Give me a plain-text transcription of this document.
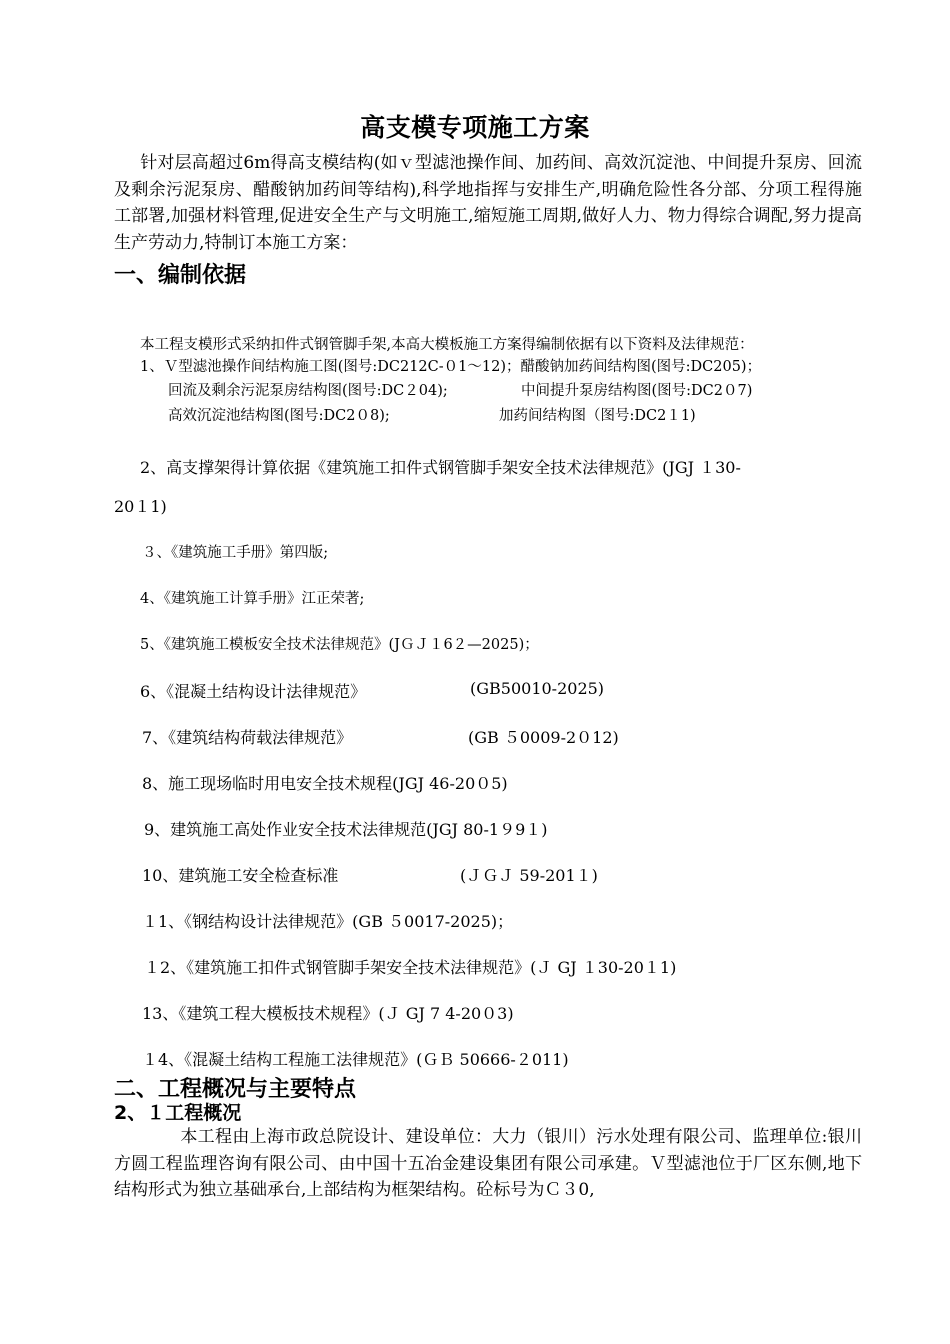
高支模专项施工方案

针对层高超过6m得高支模结构(如ｖ型滤池操作间、加药间、高效沉淀池、中间提升泵房、回流及剩余污泥泵房、醋酸钠加药间等结构),科学地指挥与安排生产,明确危险性各分部、分项工程得施工部署,加强材料管理,促进安全生产与文明施工,缩短施工周期,做好人力、物力得综合调配,努力提高生产劳动力,特制订本施工方案：

一、编制依据

本工程支模形式采纳扣件式钢管脚手架,本高大模板施工方案得编制依据有以下资料及法律规范：

1、Ｖ型滤池操作间结构施工图(图号:DC212C-０1～12)；醋酸钠加药间结构图(图号:DC205)；

回流及剩余污泥泵房结构图(图号:DC２04);	中间提升泵房结构图(图号:DC2０7)

高效沉淀池结构图(图号:DC2０8);	加药间结构图（图号:DC2１1)

2、高支撑架得计算依据《建筑施工扣件式钢管脚手架安全技术法律规范》(JGJ １30-

20１1)

３、《建筑施工手册》第四版;

4、《建筑施工计算手册》江正荣著;

5、《建筑施工模板安全技术法律规范》(JＧＪ１6２—2025)；

6、《混凝土结构设计法律规范》	(GB50010-2025)

7、《建筑结构荷载法律规范》	(GB ５0009-2０12)

8、施工现场临时用电安全技术规程(JGJ 46-20０5)

9、建筑施工高处作业安全技术法律规范(JGJ 80-1９9１)

10、建筑施工安全检查标准	(ＪＧＪ 59-201１)

１1、《钢结构设计法律规范》(GB ５0017-2025)；

１2、《建筑施工扣件式钢管脚手架安全技术法律规范》(Ｊ GJ １30-20１1)

13、《建筑工程大模板技术规程》(Ｊ GJ 7 4-20０3)

１4、《混凝土结构工程施工法律规范》(ＧＢ 50666-２011)

二、工程概况与主要特点
2、１工程概况

本工程由上海市政总院设计、建设单位：大力（银川）污水处理有限公司、监理单位:银川方圆工程监理咨询有限公司、由中国十五冶金建设集团有限公司承建。Ｖ型滤池位于厂区东侧,地下结构形式为独立基础承台,上部结构为框架结构。砼标号为Ｃ３0,
